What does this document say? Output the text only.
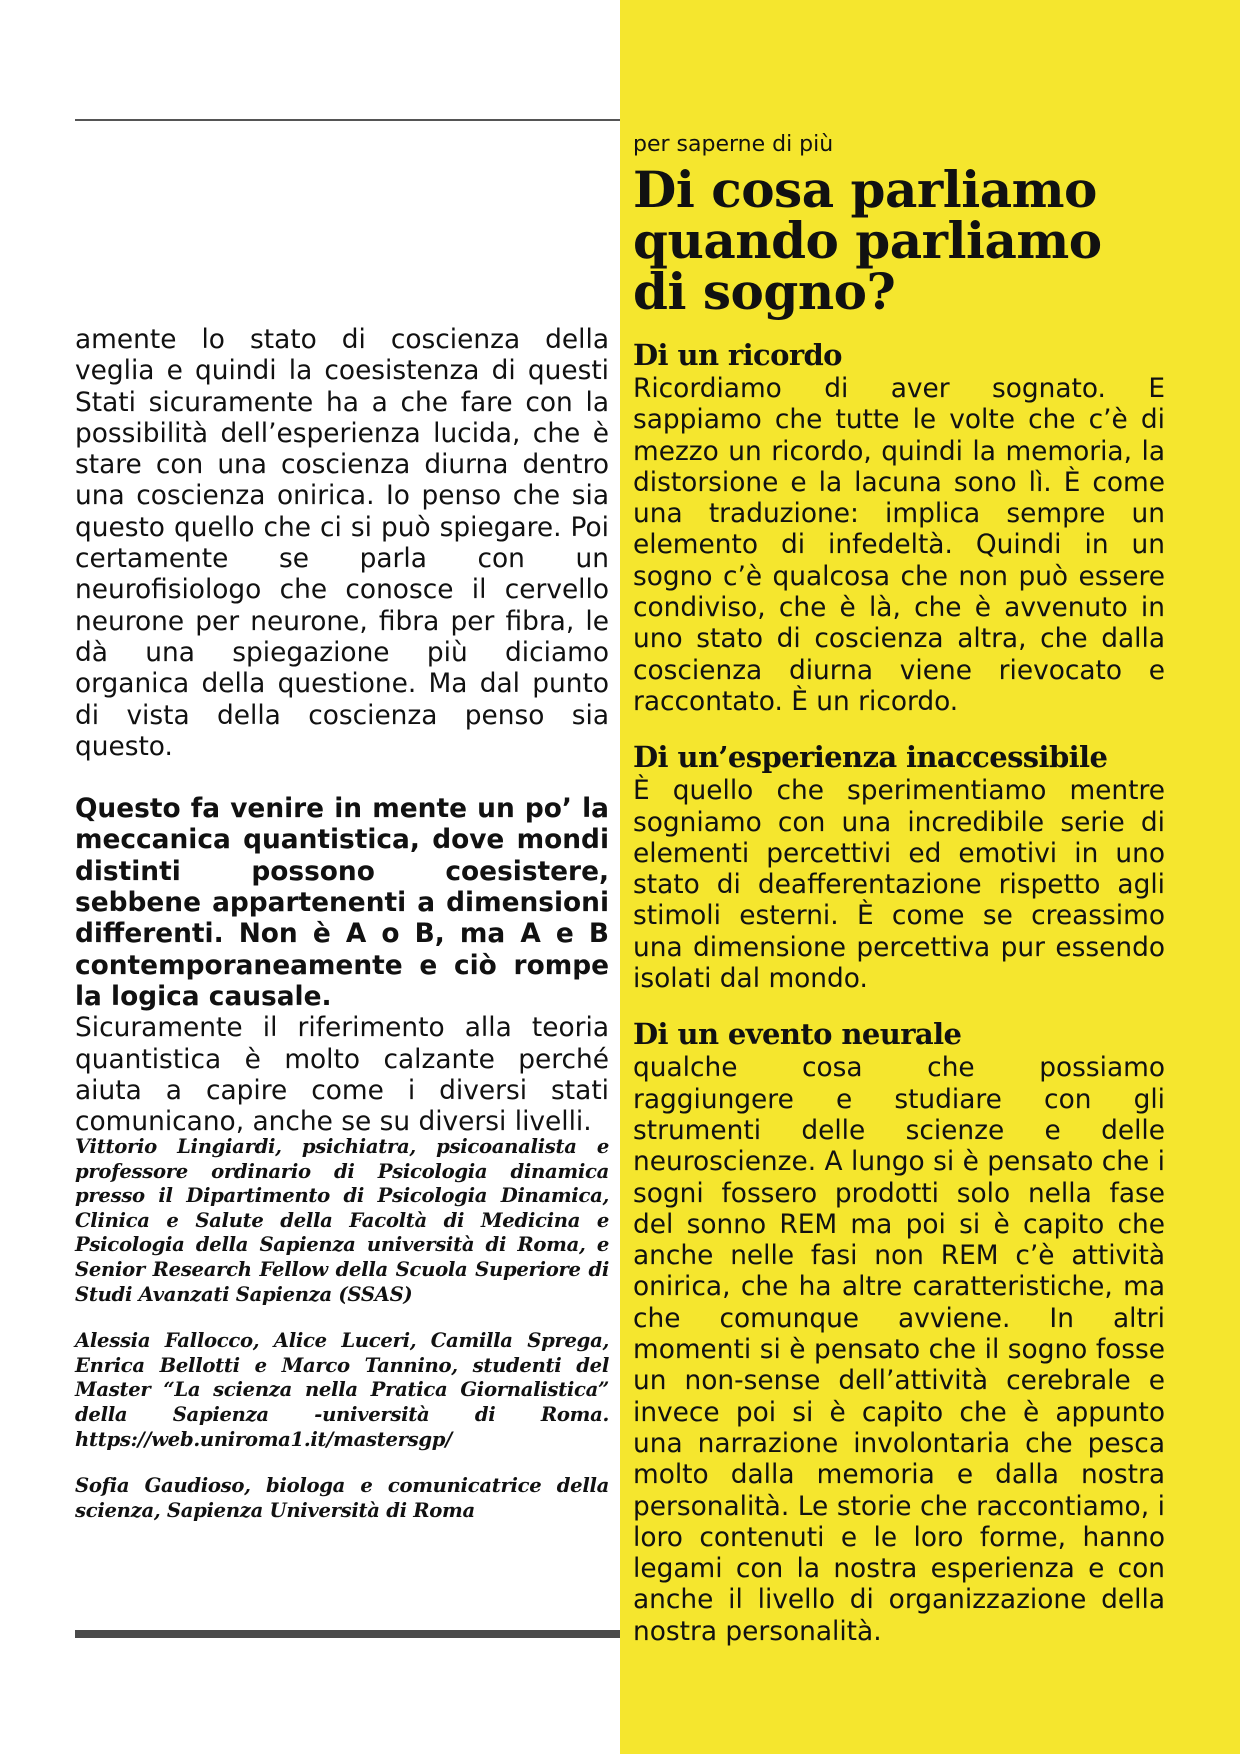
amente lo stato di coscienza della veglia e quindi la coesistenza di questi Stati sicuramente ha a che fare con la possibilità dell’esperienza lucida, che è stare con una coscienza diurna dentro una coscienza onirica. Io penso che sia questo quello che ci si può spiegare. Poi certamente se parla con un neurofisiologo che conosce il cervello neurone per neurone, fibra per fibra, le dà una spiegazione più diciamo organica della questione. Ma dal punto di vista della coscienza penso sia questo.

Questo fa venire in mente un po’ la meccanica quantistica, dove mondi distinti possono coesistere, sebbene appartenenti a dimensioni differenti. Non è A o B, ma A e B contemporaneamente e ciò rompe la logica causale.

Sicuramente il riferimento alla teoria quantistica è molto calzante perché aiuta a capire come i diversi stati comunicano, anche se su diversi livelli.

Vittorio Lingiardi, psichiatra, psicoanalista e professore ordinario di Psicologia dinamica presso il Dipartimento di Psicologia Dinamica, Clinica e Salute della Facoltà di Medicina e Psicologia della Sapienza università di Roma, e Senior Research Fellow della Scuola Superiore di Studi Avanzati Sapienza (SSAS)

Alessia Fallocco, Alice Luceri, Camilla Sprega, Enrica Bellotti e Marco Tannino, studenti del Master “La scienza nella Pratica Giornalistica” della Sapienza -università di Roma. https://web.uniroma1.it/mastersgp/

Sofia Gaudioso, biologa e comunicatrice della scienza, Sapienza Università di Roma

per saperne di più

Di cosa parliamo quando parliamo di sogno?
Di un ricordo

Ricordiamo di aver sognato. E sappiamo che tutte le volte che c’è di mezzo un ricordo, quindi la memoria, la distorsione e la lacuna sono lì. È come una traduzione: implica sempre un elemento di infedeltà. Quindi in un sogno c’è qualcosa che non può essere condiviso, che è là, che è avvenuto in uno stato di coscienza altra, che dalla coscienza diurna viene rievocato e raccontato. È un ricordo.

Di un’esperienza inaccessibile

È quello che sperimentiamo mentre sogniamo con una incredibile serie di elementi percettivi ed emotivi in uno stato di deafferentazione rispetto agli stimoli esterni. È come se creassimo una dimensione percettiva pur essendo isolati dal mondo.

Di un evento neurale

qualche cosa che possiamo raggiungere e studiare con gli strumenti delle scienze e delle neuroscienze. A lungo si è pensato che i sogni fossero prodotti solo nella fase del sonno REM ma poi si è capito che anche nelle fasi non REM c’è attività onirica, che ha altre caratteristiche, ma che comunque avviene. In altri momenti si è pensato che il sogno fosse un non-sense dell’attività cerebrale e invece poi si è capito che è appunto una narrazione involontaria che pesca molto dalla memoria e dalla nostra personalità. Le storie che raccontiamo, i loro contenuti e le loro forme, hanno legami con la nostra esperienza e con anche il livello di organizzazione della nostra personalità.
